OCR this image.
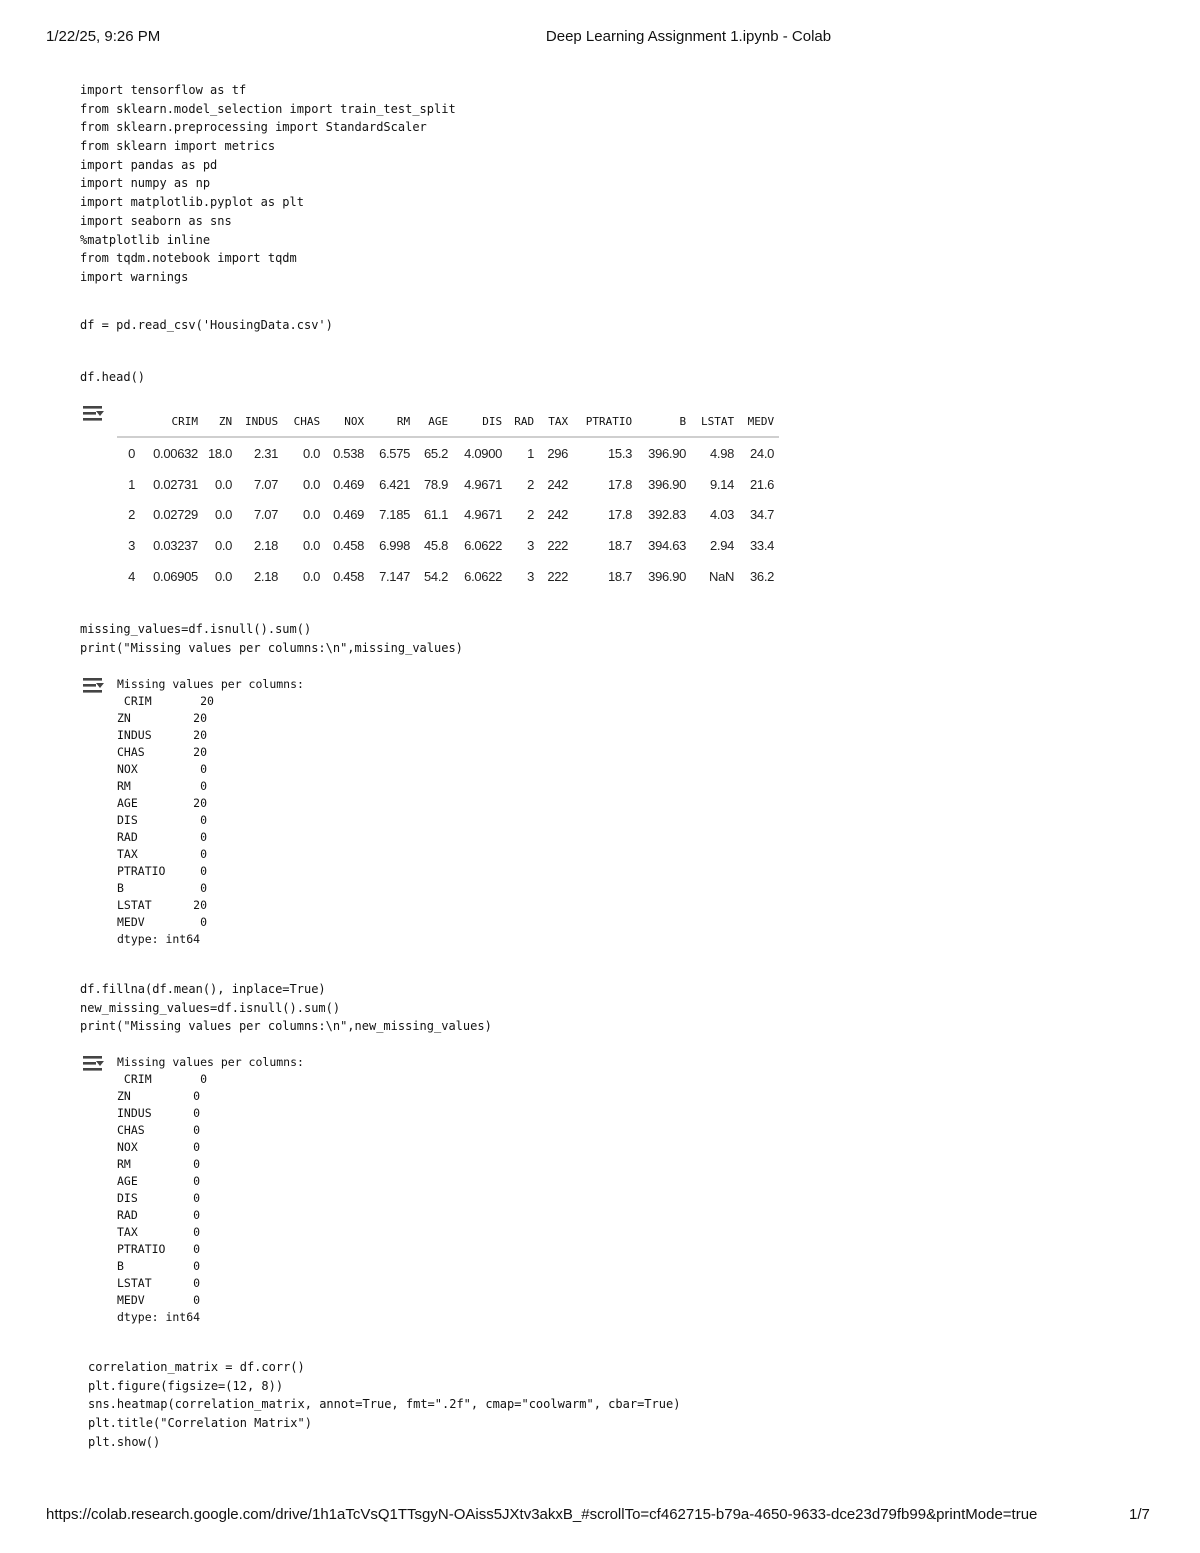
1/22/25, 9:26 PM	Deep Learning Assignment 1.ipynb - Colab
import tensorflow as tf
from sklearn.model_selection import train_test_split
from sklearn.preprocessing import StandardScaler
from sklearn import metrics
import pandas as pd
import numpy as np
import matplotlib.pyplot as plt
import seaborn as sns
%matplotlib inline
from tqdm.notebook import tqdm
import warnings
df = pd.read_csv('HousingData.csv')
df.head()
	CRIM	ZN	INDUS	CHAS	NOX	RM	AGE	DIS	RAD	TAX	PTRATIO	B	LSTAT	MEDV
0	0.00632	18.0	2.31	0.0	0.538	6.575	65.2	4.0900	1	296	15.3	396.90	4.98	24.0
1	0.02731	0.0	7.07	0.0	0.469	6.421	78.9	4.9671	2	242	17.8	396.90	9.14	21.6
2	0.02729	0.0	7.07	0.0	0.469	7.185	61.1	4.9671	2	242	17.8	392.83	4.03	34.7
3	0.03237	0.0	2.18	0.0	0.458	6.998	45.8	6.0622	3	222	18.7	394.63	2.94	33.4
4	0.06905	0.0	2.18	0.0	0.458	7.147	54.2	6.0622	3	222	18.7	396.90	NaN	36.2
missing_values=df.isnull().sum()
print("Missing values per columns:\n",missing_values)
Missing values per columns:
CRIM       20
ZN         20
INDUS      20
CHAS       20
NOX         0
RM          0
AGE        20
DIS         0
RAD         0
TAX         0
PTRATIO     0
B           0
LSTAT      20
MEDV        0
dtype: int64
df.fillna(df.mean(), inplace=True)
new_missing_values=df.isnull().sum()
print("Missing values per columns:\n",new_missing_values)
Missing values per columns:
CRIM       0
ZN         0
INDUS      0
CHAS       0
NOX        0
RM         0
AGE        0
DIS        0
RAD        0
TAX        0
PTRATIO    0
B          0
LSTAT      0
MEDV       0
dtype: int64
correlation_matrix = df.corr()
plt.figure(figsize=(12, 8))
sns.heatmap(correlation_matrix, annot=True, fmt=".2f", cmap="coolwarm", cbar=True)
plt.title("Correlation Matrix")
plt.show()
https://colab.research.google.com/drive/1h1aTcVsQ1TTsgyN-OAiss5JXtv3akxB_#scrollTo=cf462715-b79a-4650-9633-dce23d79fb99&printMode=true	1/7
